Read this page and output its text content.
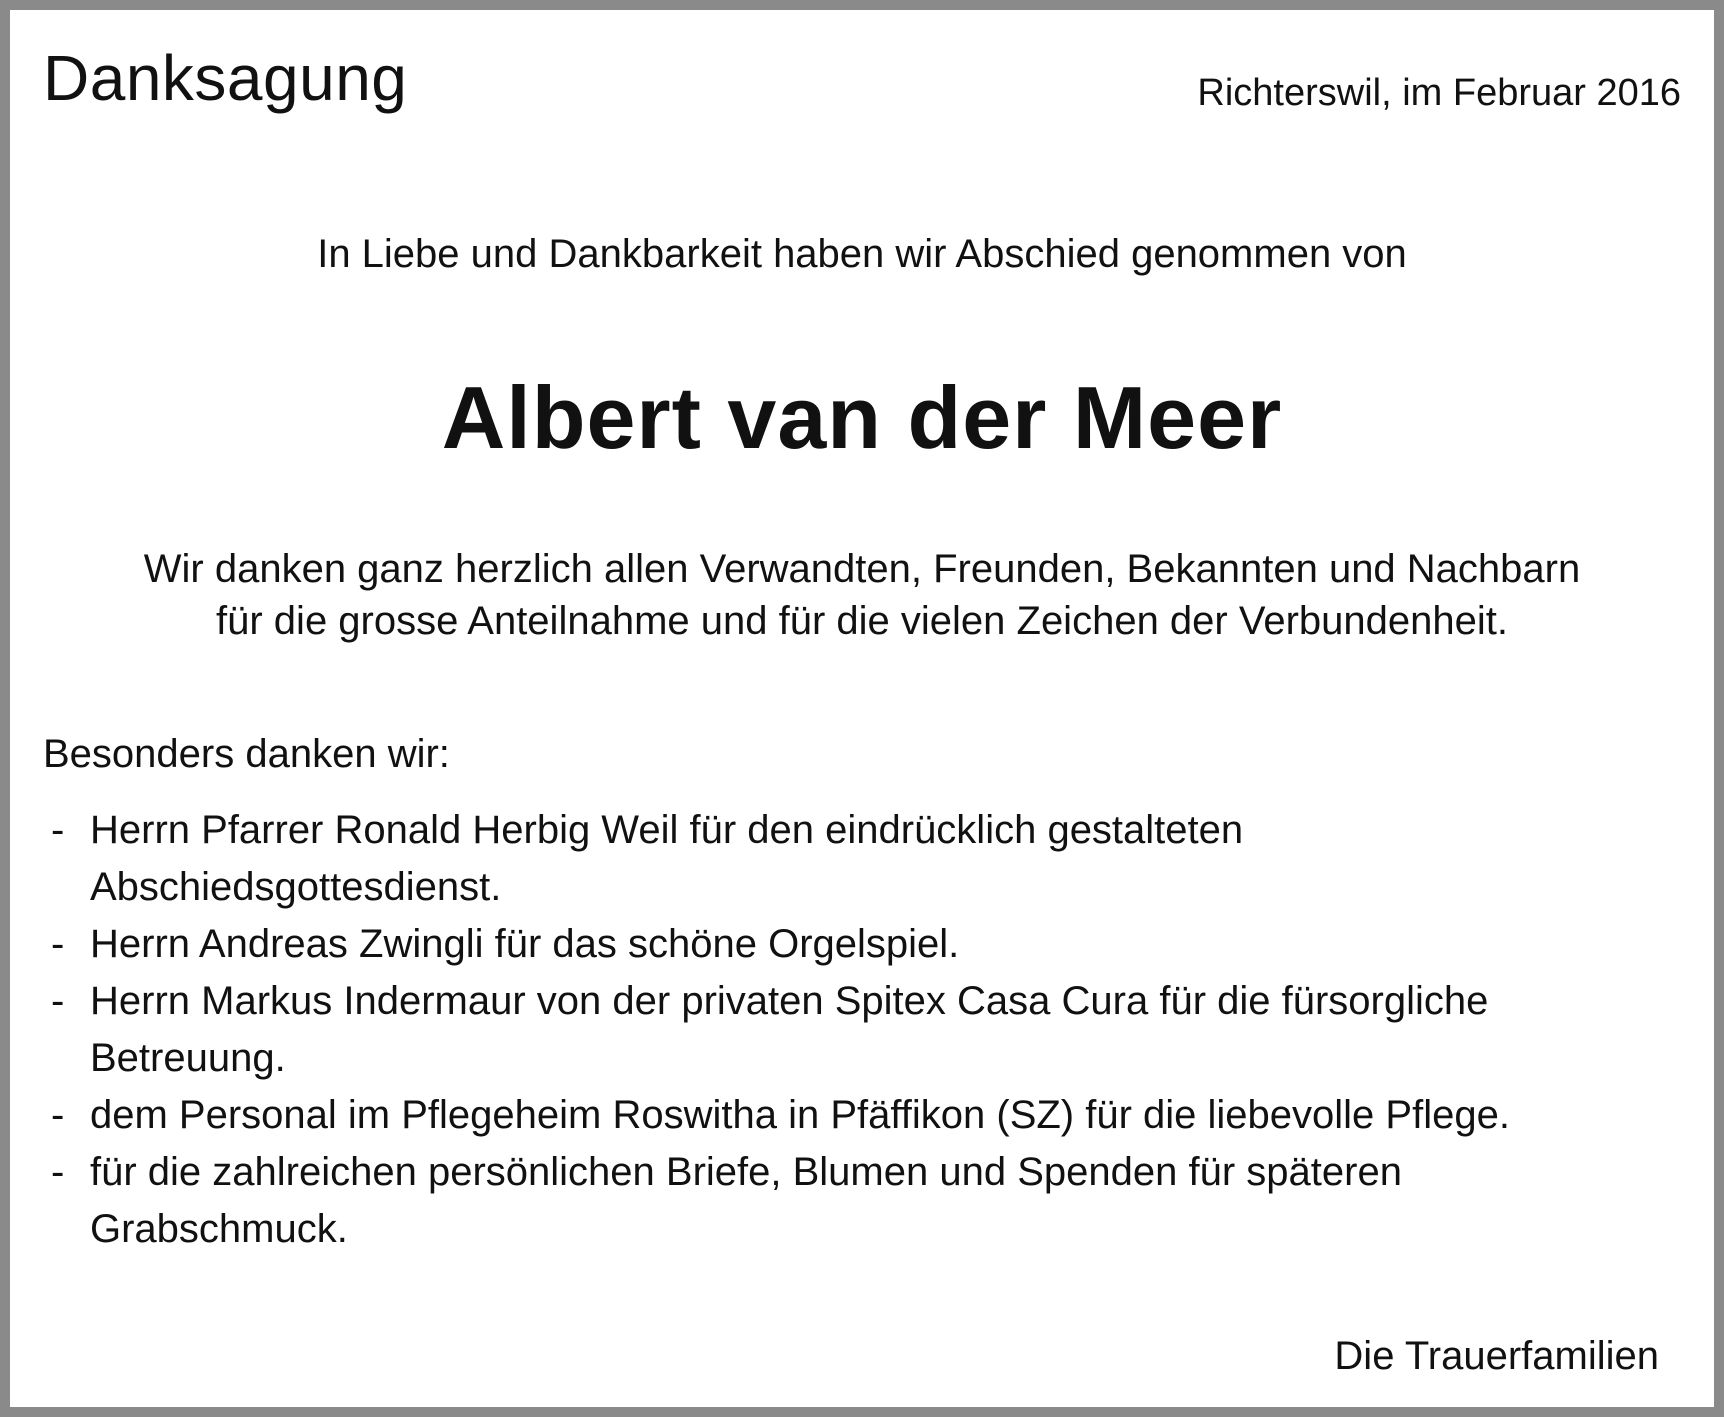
Danksagung	Richterswil, im Februar 2016

In Liebe und Dankbarkeit haben wir Abschied genommen von

Albert van der Meer

Wir danken ganz herzlich allen Verwandten, Freunden, Bekannten und Nachbarn
für die grosse Anteilnahme und für die vielen Zeichen der Verbundenheit.

Besonders danken wir:

- Herrn Pfarrer Ronald Herbig Weil für den eindrücklich gestalteten
Abschiedsgottesdienst.
- Herrn Andreas Zwingli für das schöne Orgelspiel.
- Herrn Markus Indermaur von der privaten Spitex Casa Cura für die fürsorgliche
Betreuung.
- dem Personal im Pflegeheim Roswitha in Pfäffikon (SZ) für die liebevolle Pflege.
- für die zahlreichen persönlichen Briefe, Blumen und Spenden für späteren
Grabschmuck.
Die Trauerfamilien
